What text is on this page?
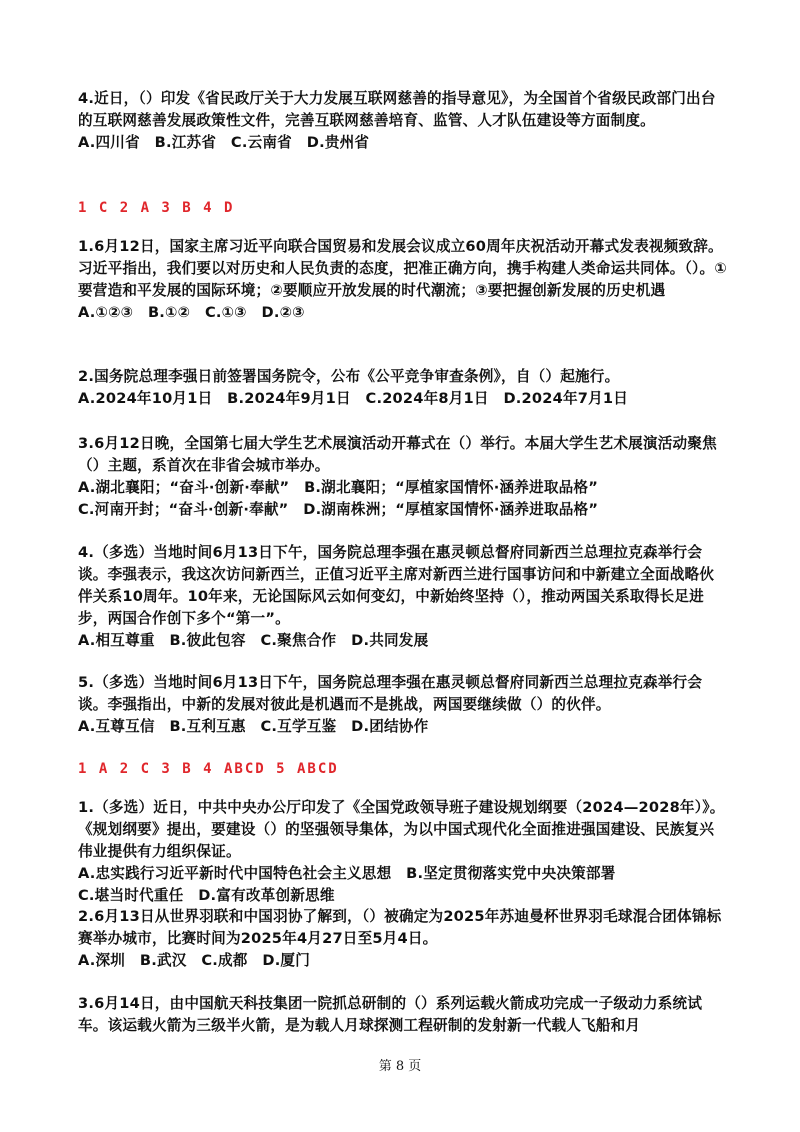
4.近日，（）印发《省民政厅关于大力发展互联网慈善的指导意见》，为全国首个省级民政部门出台的互联网慈善发展政策性文件，完善互联网慈善培育、监管、人才队伍建设等方面制度。

A.四川省　B.江苏省　C.云南省　D.贵州省

1 C 2 A 3 B 4 D

1.6月12日，国家主席习近平向联合国贸易和发展会议成立60周年庆祝活动开幕式发表视频致辞。习近平指出，我们要以对历史和人民负责的态度，把准正确方向，携手构建人类命运共同体。（）。①要营造和平发展的国际环境；②要顺应开放发展的时代潮流；③要把握创新发展的历史机遇

A.①②③　B.①②　C.①③　D.②③

2.国务院总理李强日前签署国务院令，公布《公平竞争审查条例》，自（）起施行。

A.2024年10月1日　B.2024年9月1日　C.2024年8月1日　D.2024年7月1日

3.6月12日晚，全国第七届大学生艺术展演活动开幕式在（）举行。本届大学生艺术展演活动聚焦（）主题，系首次在非省会城市举办。

A.湖北襄阳；“奋斗·创新·奉献”　B.湖北襄阳；“厚植家国情怀·涵养进取品格”

C.河南开封；“奋斗·创新·奉献”　D.湖南株洲；“厚植家国情怀·涵养进取品格”

4.（多选）当地时间6月13日下午，国务院总理李强在惠灵顿总督府同新西兰总理拉克森举行会谈。李强表示，我这次访问新西兰，正值习近平主席对新西兰进行国事访问和中新建立全面战略伙伴关系10周年。10年来，无论国际风云如何变幻，中新始终坚持（），推动两国关系取得长足进步，两国合作创下多个“第一”。

A.相互尊重　B.彼此包容　C.聚焦合作　D.共同发展

5.（多选）当地时间6月13日下午，国务院总理李强在惠灵顿总督府同新西兰总理拉克森举行会谈。李强指出，中新的发展对彼此是机遇而不是挑战，两国要继续做（）的伙伴。

A.互尊互信　B.互利互惠　C.互学互鉴　D.团结协作

1 A 2 C 3 B 4 ABCD 5 ABCD

1.（多选）近日，中共中央办公厅印发了《全国党政领导班子建设规划纲要（2024—2028年）》。《规划纲要》提出，要建设（）的坚强领导集体，为以中国式现代化全面推进强国建设、民族复兴伟业提供有力组织保证。

A.忠实践行习近平新时代中国特色社会主义思想　B.坚定贯彻落实党中央决策部署

C.堪当时代重任　D.富有改革创新思维

2.6月13日从世界羽联和中国羽协了解到，（）被确定为2025年苏迪曼杯世界羽毛球混合团体锦标赛举办城市，比赛时间为2025年4月27日至5月4日。

A.深圳　B.武汉　C.成都　D.厦门

3.6月14日，由中国航天科技集团一院抓总研制的（）系列运载火箭成功完成一子级动力系统试车。该运载火箭为三级半火箭，是为载人月球探测工程研制的发射新一代载人飞船和月

第 8 页
